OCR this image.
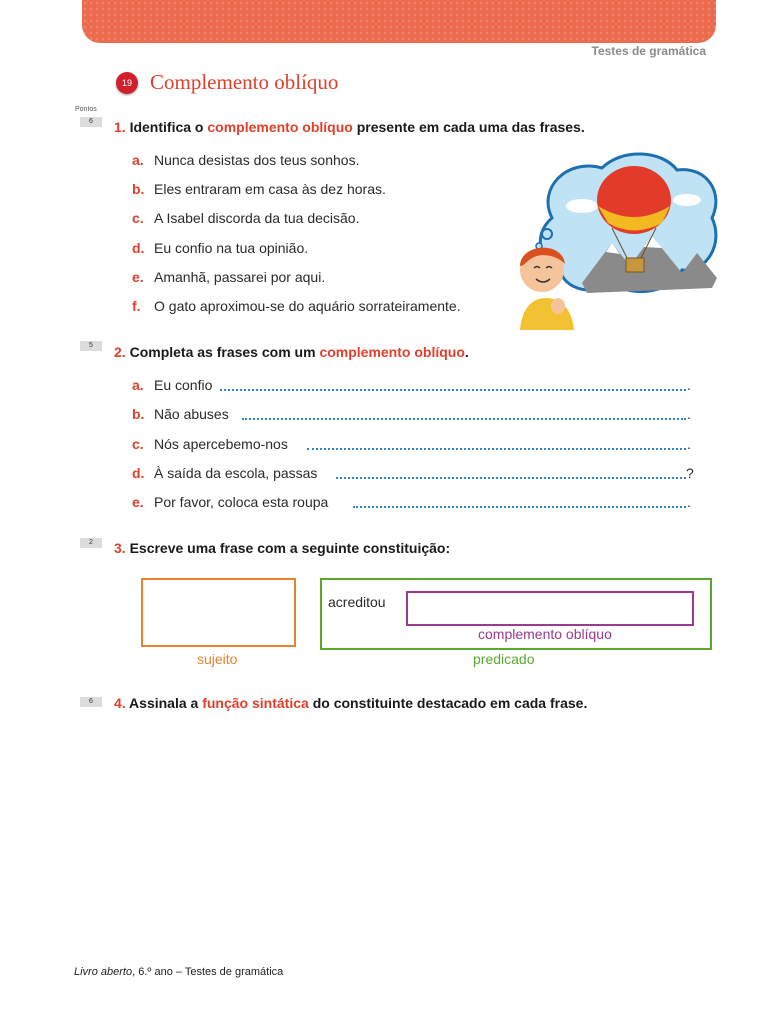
Testes de gramática
19 Complemento oblíquo
Pontos
6	1. Identifica o complemento oblíquo presente em cada uma das frases.
a. Nunca desistas dos teus sonhos.
b. Eles entraram em casa às dez horas.
c. A Isabel discorda da tua decisão.
d. Eu confio na tua opinião.
e. Amanhã, passarei por aqui.
f. O gato aproximou-se do aquário sorrateiramente.
5	2. Completa as frases com um complemento oblíquo.
a. Eu confio	.
b. Não abuses	.
c. Nós apercebemo-nos	.
d. À saída da escola, passas	?
e. Por favor, coloca esta roupa	.
2	3. Escreve uma frase com a seguinte constituição:
acreditou
complemento oblíquo
sujeito	predicado
6	4. Assinala a função sintática do constituinte destacado em cada frase.
Livro aberto, 6.º ano – Testes de gramática
